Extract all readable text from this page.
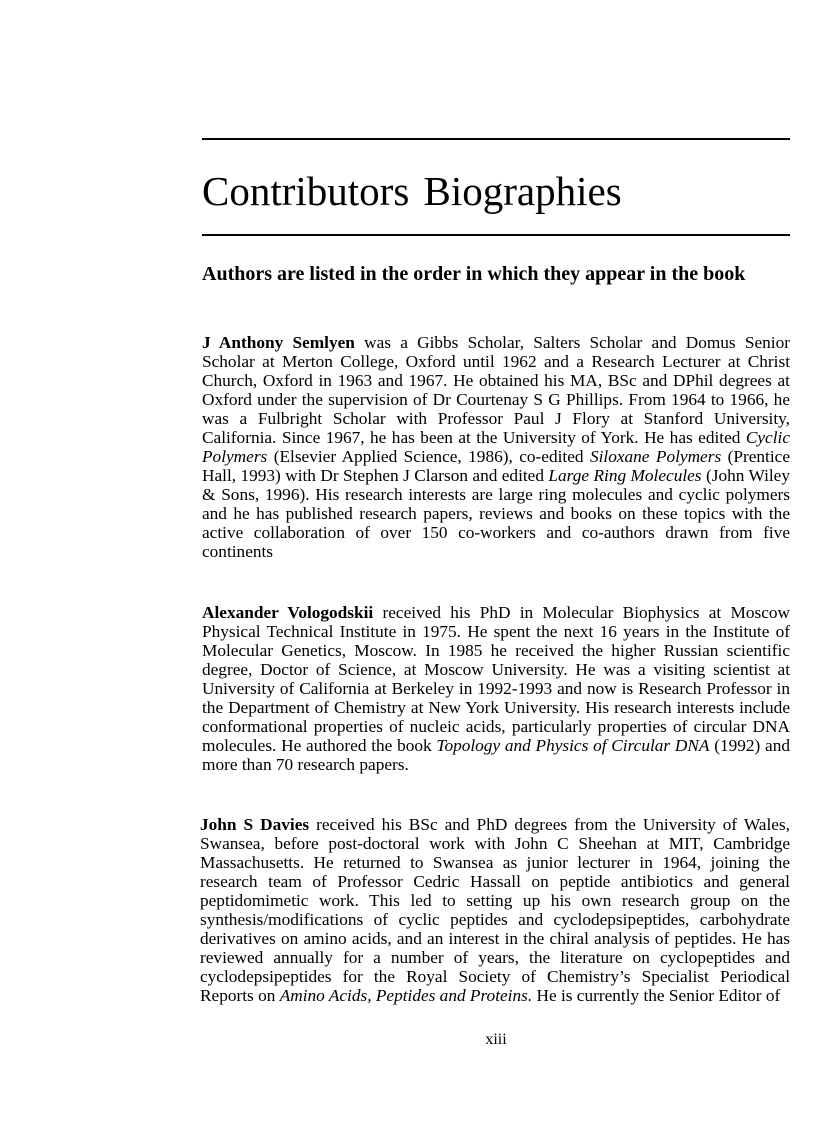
Contributors Biographies
Authors are listed in the order in which they appear in the book

J Anthony Semlyen was a Gibbs Scholar, Salters Scholar and Domus Senior Scholar at Merton College, Oxford until 1962 and a Research Lecturer at Christ Church, Oxford in 1963 and 1967. He obtained his MA, BSc and DPhil degrees at Oxford under the supervision of Dr Courtenay S G Phillips. From 1964 to 1966, he was a Fulbright Scholar with Professor Paul J Flory at Stanford University, California. Since 1967, he has been at the University of York. He has edited Cyclic Polymers (Elsevier Applied Science, 1986), co-edited Siloxane Polymers (Prentice Hall, 1993) with Dr Stephen J Clarson and edited Large Ring Molecules (John Wiley & Sons, 1996). His research interests are large ring molecules and cyclic polymers and he has published research papers, reviews and books on these topics with the active collaboration of over 150 co-workers and co-authors drawn from five continents

Alexander Vologodskii received his PhD in Molecular Biophysics at Moscow Physical Technical Institute in 1975. He spent the next 16 years in the Institute of Molecular Genetics, Moscow. In 1985 he received the higher Russian scientific degree, Doctor of Science, at Moscow University. He was a visiting scientist at University of California at Berkeley in 1992-1993 and now is Research Professor in the Department of Chemistry at New York University. His research interests include conformational properties of nucleic acids, particularly properties of circular DNA molecules. He authored the book Topology and Physics of Circular DNA (1992) and more than 70 research papers.

John S Davies received his BSc and PhD degrees from the University of Wales, Swansea, before post-doctoral work with John C Sheehan at MIT, Cambridge Massachusetts. He returned to Swansea as junior lecturer in 1964, joining the research team of Professor Cedric Hassall on peptide antibiotics and general peptidomimetic work. This led to setting up his own research group on the synthesis/modifications of cyclic peptides and cyclodepsipeptides, carbohydrate derivatives on amino acids, and an interest in the chiral analysis of peptides. He has reviewed annually for a number of years, the literature on cyclopeptides and cyclodepsipeptides for the Royal Society of Chemistry’s Specialist Periodical Reports on Amino Acids, Peptides and Proteins. He is currently the Senior Editor of

xiii
